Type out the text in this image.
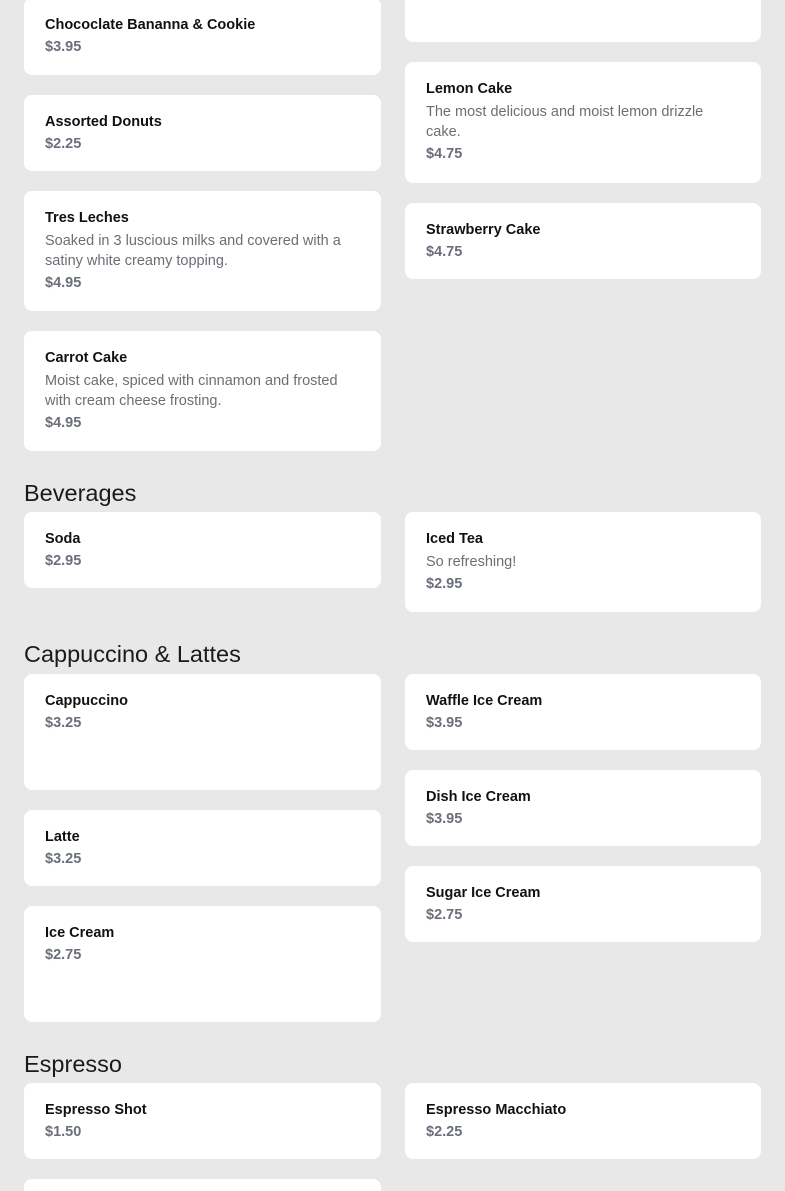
Chococlate Bananna & Cookie
$3.95
Assorted Donuts
$2.25
Tres Leches
Soaked in 3 luscious milks and covered with a satiny white creamy topping.
$4.95
Carrot Cake
Moist cake, spiced with cinnamon and frosted with cream cheese frosting.
$4.95
Lemon Cake
The most delicious and moist lemon drizzle cake.
$4.75
Strawberry Cake
$4.75
Beverages
Soda
$2.95
Iced Tea
So refreshing!
$2.95
Cappuccino & Lattes
Cappuccino
$3.25
Latte
$3.25
Ice Cream
$2.75
Waffle Ice Cream
$3.95
Dish Ice Cream
$3.95
Sugar Ice Cream
$2.75
Espresso
Espresso Shot
$1.50
Espresso Macchiato
$2.25
